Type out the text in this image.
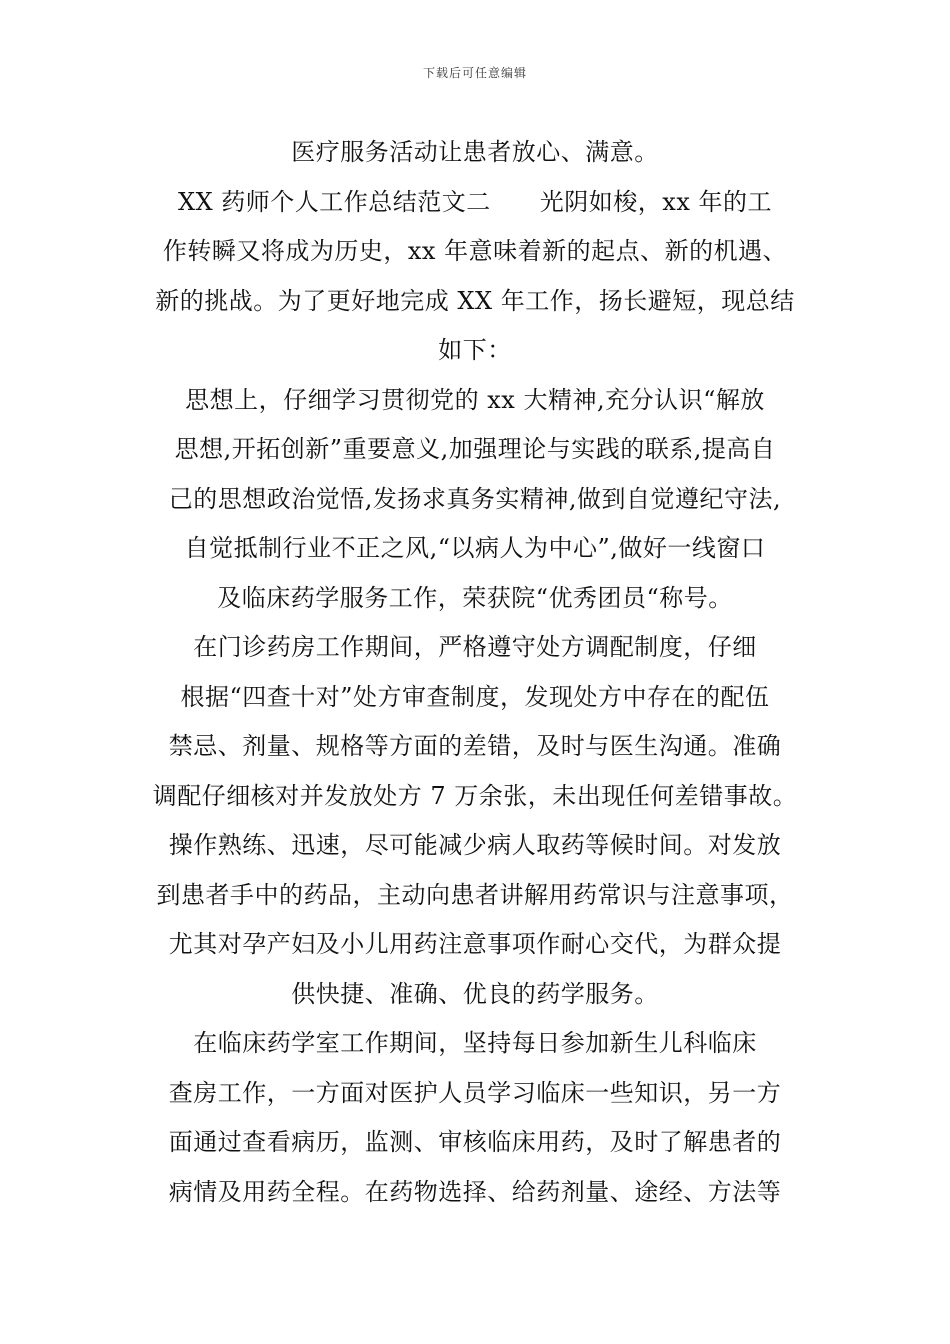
下载后可任意编辑
医疗服务活动让患者放心、满意。
XX 药师个人工作总结范文二　　光阴如梭，xx 年的工
作转瞬又将成为历史，xx 年意味着新的起点、新的机遇、
新的挑战。为了更好地完成 XX 年工作，扬长避短，现总结
如下：
思想上，仔细学习贯彻党的 xx 大精神,充分认识“解放
思想,开拓创新”重要意义,加强理论与实践的联系,提高自
己的思想政治觉悟,发扬求真务实精神,做到自觉遵纪守法,
自觉抵制行业不正之风,“以病人为中心”,做好一线窗口
及临床药学服务工作，荣获院“优秀团员“称号。
在门诊药房工作期间，严格遵守处方调配制度，仔细
根据“四查十对”处方审查制度，发现处方中存在的配伍
禁忌、剂量、规格等方面的差错，及时与医生沟通。准确
调配仔细核对并发放处方 7 万余张，未出现任何差错事故。
操作熟练、迅速，尽可能减少病人取药等候时间。对发放
到患者手中的药品，主动向患者讲解用药常识与注意事项，
尤其对孕产妇及小儿用药注意事项作耐心交代，为群众提
供快捷、准确、优良的药学服务。
在临床药学室工作期间，坚持每日参加新生儿科临床
查房工作，一方面对医护人员学习临床一些知识，另一方
面通过查看病历，监测、审核临床用药，及时了解患者的
病情及用药全程。在药物选择、给药剂量、途经、方法等
